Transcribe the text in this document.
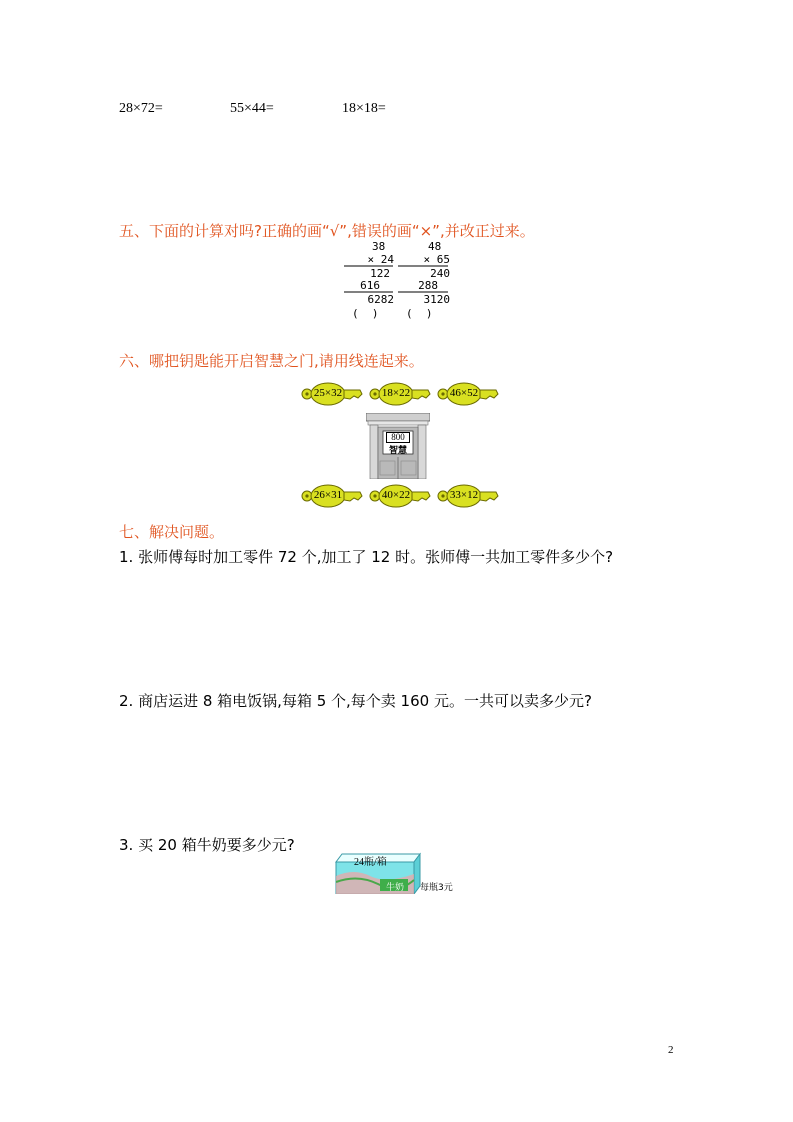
28×72=	55×44=	18×18=
五、下面的计算对吗?正确的画“√”,错误的画“×”,并改正过来。
38
× 24
122
616
6282
(  )
48
× 65
240
288
3120
(  )
六、哪把钥匙能开启智慧之门,请用线连起来。
25×32	18×22	46×52
800
智慧
26×31	40×22	33×12
七、解决问题。
1. 张师傅每时加工零件 72 个,加工了 12 时。张师傅一共加工零件多少个?
2. 商店运进 8 箱电饭锅,每箱 5 个,每个卖 160 元。一共可以卖多少元?
3. 买 20 箱牛奶要多少元?
24瓶/箱
牛奶	每瓶3元
2
